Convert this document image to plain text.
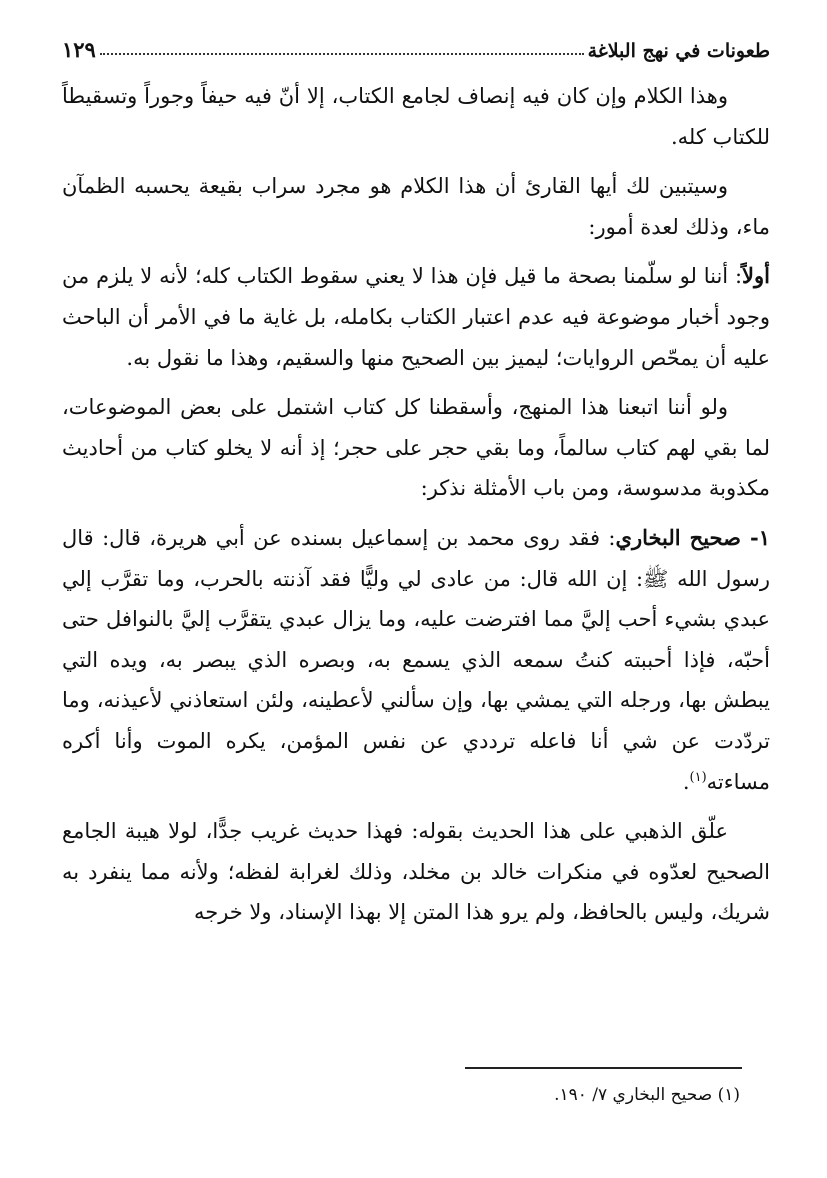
طعونات في نهج البلاغة
١٢٩

وهذا الكلام وإن كان فيه إنصاف لجامع الكتاب، إلا أنّ فيه حيفاً وجوراً وتسقيطاً للكتاب كله.

وسيتبين لك أيها القارئ أن هذا الكلام هو مجرد سراب بقيعة يحسبه الظمآن ماء، وذلك لعدة أمور:

أولاً: أننا لو سلّمنا بصحة ما قيل فإن هذا لا يعني سقوط الكتاب كله؛ لأنه لا يلزم من وجود أخبار موضوعة فيه عدم اعتبار الكتاب بكامله، بل غاية ما في الأمر أن الباحث عليه أن يمحّص الروايات؛ ليميز بين الصحيح منها والسقيم، وهذا ما نقول به.

ولو أننا اتبعنا هذا المنهج، وأسقطنا كل كتاب اشتمل على بعض الموضوعات، لما بقي لهم كتاب سالماً، وما بقي حجر على حجر؛ إذ أنه لا يخلو كتاب من أحاديث مكذوبة مدسوسة، ومن باب الأمثلة نذكر:

١- صحيح البخاري: فقد روى محمد بن إسماعيل بسنده عن أبي هريرة، قال: قال رسول الله ﷺ: إن الله قال: من عادى لي وليًّا فقد آذنته بالحرب، وما تقرَّب إلي عبدي بشيء أحب إليَّ مما افترضت عليه، وما يزال عبدي يتقرَّب إليَّ بالنوافل حتى أحبّه، فإذا أحببته كنتُ سمعه الذي يسمع به، وبصره الذي يبصر به، ويده التي يبطش بها، ورجله التي يمشي بها، وإن سألني لأعطينه، ولئن استعاذني لأعيذنه، وما تردّدت عن شي أنا فاعله ترددي عن نفس المؤمن، يكره الموت وأنا أكره مساءته$^{(١)}$.

علّق الذهبي على هذا الحديث بقوله: فهذا حديث غريب جدًّا، لولا هيبة الجامع الصحيح لعدّوه في منكرات خالد بن مخلد، وذلك لغرابة لفظه؛ ولأنه مما ينفرد به شريك، وليس بالحافظ، ولم يرو هذا المتن إلا بهذا الإسناد، ولا خرجه

(١) صحيح البخاري ٧/ ١٩٠.
